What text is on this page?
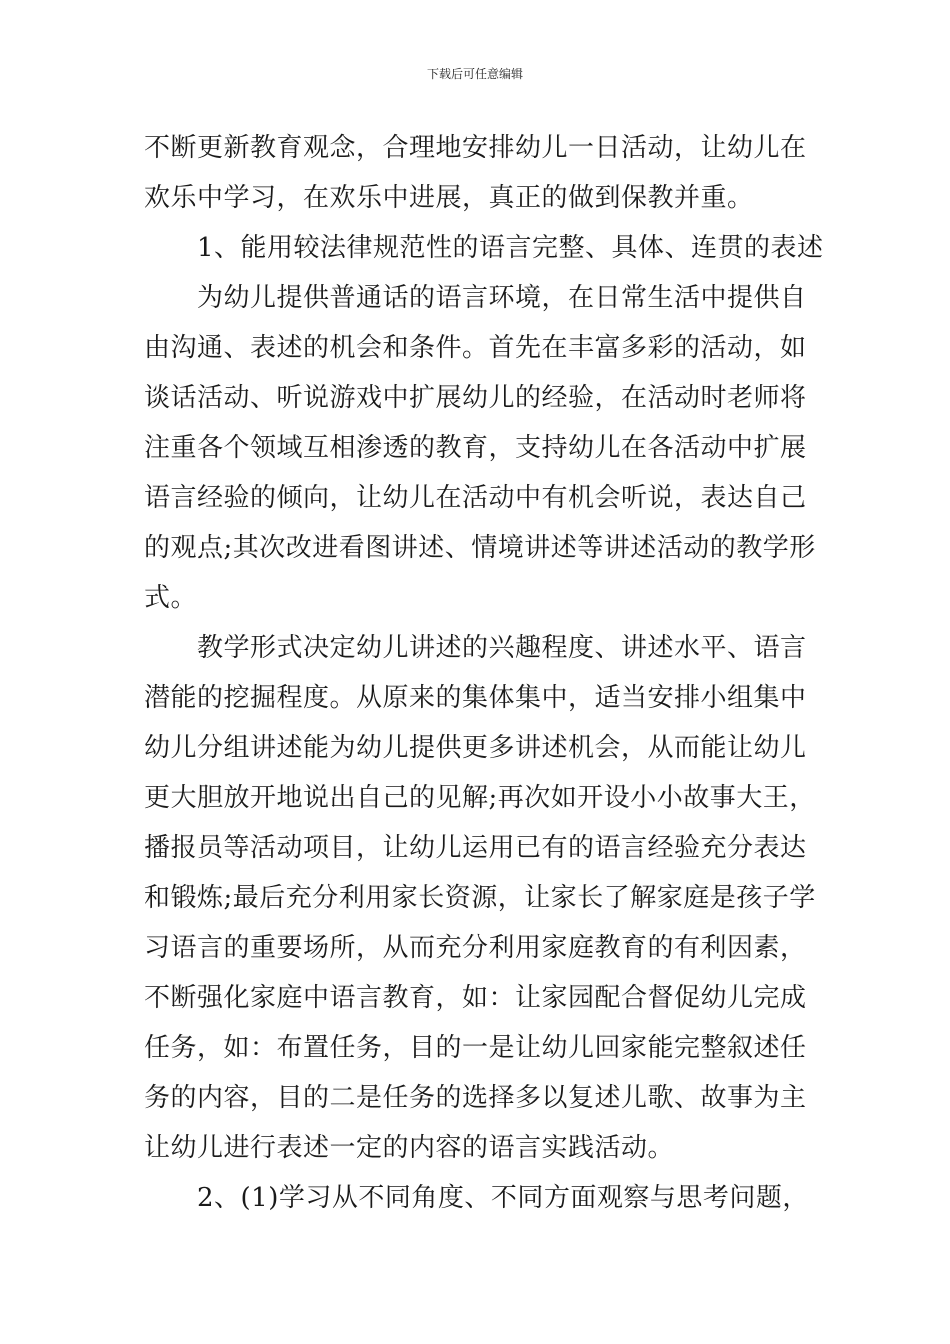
下载后可任意编辑
不断更新教育观念，合理地安排幼儿一日活动，让幼儿在
欢乐中学习，在欢乐中进展，真正的做到保教并重。
1、能用较法律规范性的语言完整、具体、连贯的表述
为幼儿提供普通话的语言环境，在日常生活中提供自
由沟通、表述的机会和条件。首先在丰富多彩的活动，如
谈话活动、听说游戏中扩展幼儿的经验，在活动时老师将
注重各个领域互相渗透的教育，支持幼儿在各活动中扩展
语言经验的倾向，让幼儿在活动中有机会听说，表达自己
的观点;其次改进看图讲述、情境讲述等讲述活动的教学形
式。
教学形式决定幼儿讲述的兴趣程度、讲述水平、语言
潜能的挖掘程度。从原来的集体集中，适当安排小组集中
幼儿分组讲述能为幼儿提供更多讲述机会，从而能让幼儿
更大胆放开地说出自己的见解;再次如开设小小故事大王，
播报员等活动项目，让幼儿运用已有的语言经验充分表达
和锻炼;最后充分利用家长资源，让家长了解家庭是孩子学
习语言的重要场所，从而充分利用家庭教育的有利因素，
不断强化家庭中语言教育，如：让家园配合督促幼儿完成
任务，如：布置任务，目的一是让幼儿回家能完整叙述任
务的内容，目的二是任务的选择多以复述儿歌、故事为主
让幼儿进行表述一定的内容的语言实践活动。
2、(1)学习从不同角度、不同方面观察与思考问题，
